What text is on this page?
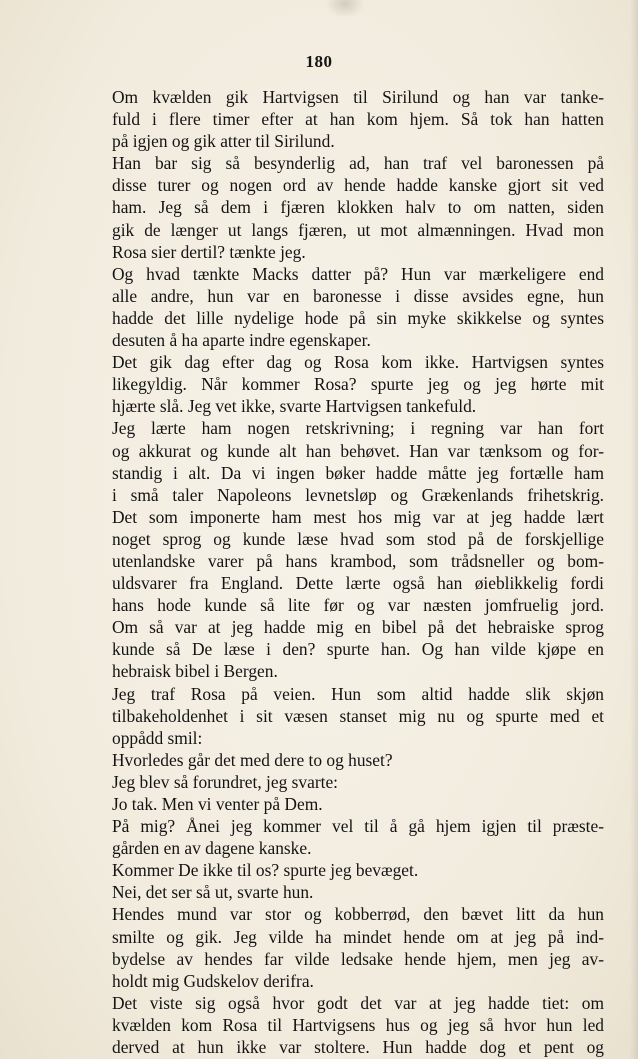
180
Om kvælden gik Hartvigsen til Sirilund og han var tanke-
fuld i flere timer efter at han kom hjem. Så tok han hatten
på igjen og gik atter til Sirilund.
Han bar sig så besynderlig ad, han traf vel baronessen på
disse turer og nogen ord av hende hadde kanske gjort sit ved
ham. Jeg så dem i fjæren klokken halv to om natten, siden
gik de længer ut langs fjæren, ut mot almænningen. Hvad mon
Rosa sier dertil? tænkte jeg.
Og hvad tænkte Macks datter på? Hun var mærkeligere end
alle andre, hun var en baronesse i disse avsides egne, hun
hadde det lille nydelige hode på sin myke skikkelse og syntes
desuten å ha aparte indre egenskaper.
Det gik dag efter dag og Rosa kom ikke. Hartvigsen syntes
likegyldig. Når kommer Rosa? spurte jeg og jeg hørte mit
hjærte slå. Jeg vet ikke, svarte Hartvigsen tankefuld.
Jeg lærte ham nogen retskrivning; i regning var han fort
og akkurat og kunde alt han behøvet. Han var tænksom og for-
standig i alt. Da vi ingen bøker hadde måtte jeg fortælle ham
i små taler Napoleons levnetsløp og Grækenlands frihetskrig.
Det som imponerte ham mest hos mig var at jeg hadde lært
noget sprog og kunde læse hvad som stod på de forskjellige
utenlandske varer på hans krambod, som trådsneller og bom-
uldsvarer fra England. Dette lærte også han øieblikkelig fordi
hans hode kunde så lite før og var næsten jomfruelig jord.
Om så var at jeg hadde mig en bibel på det hebraiske sprog
kunde så De læse i den? spurte han. Og han vilde kjøpe en
hebraisk bibel i Bergen.
Jeg traf Rosa på veien. Hun som altid hadde slik skjøn
tilbakeholdenhet i sit væsen stanset mig nu og spurte med et
opрådd smil:
Hvorledes går det med dere to og huset?
Jeg blev så forundret, jeg svarte:
Jo tak. Men vi venter på Dem.
På mig? Ånei jeg kommer vel til å gå hjem igjen til præste-
gården en av dagene kanske.
Kommer De ikke til os? spurte jeg bevæget.
Nei, det ser så ut, svarte hun.
Hendes mund var stor og kobberrød, den bævet litt da hun
smilte og gik. Jeg vilde ha mindet hende om at jeg på ind-
bydelse av hendes far vilde ledsake hende hjem, men jeg av-
holdt mig Gudskelov derifra.
Det viste sig også hvor godt det var at jeg hadde tiet: om
kvælden kom Rosa til Hartvigsens hus og jeg så hvor hun led
derved at hun ikke var stoltere. Hun hadde dog et pent og
